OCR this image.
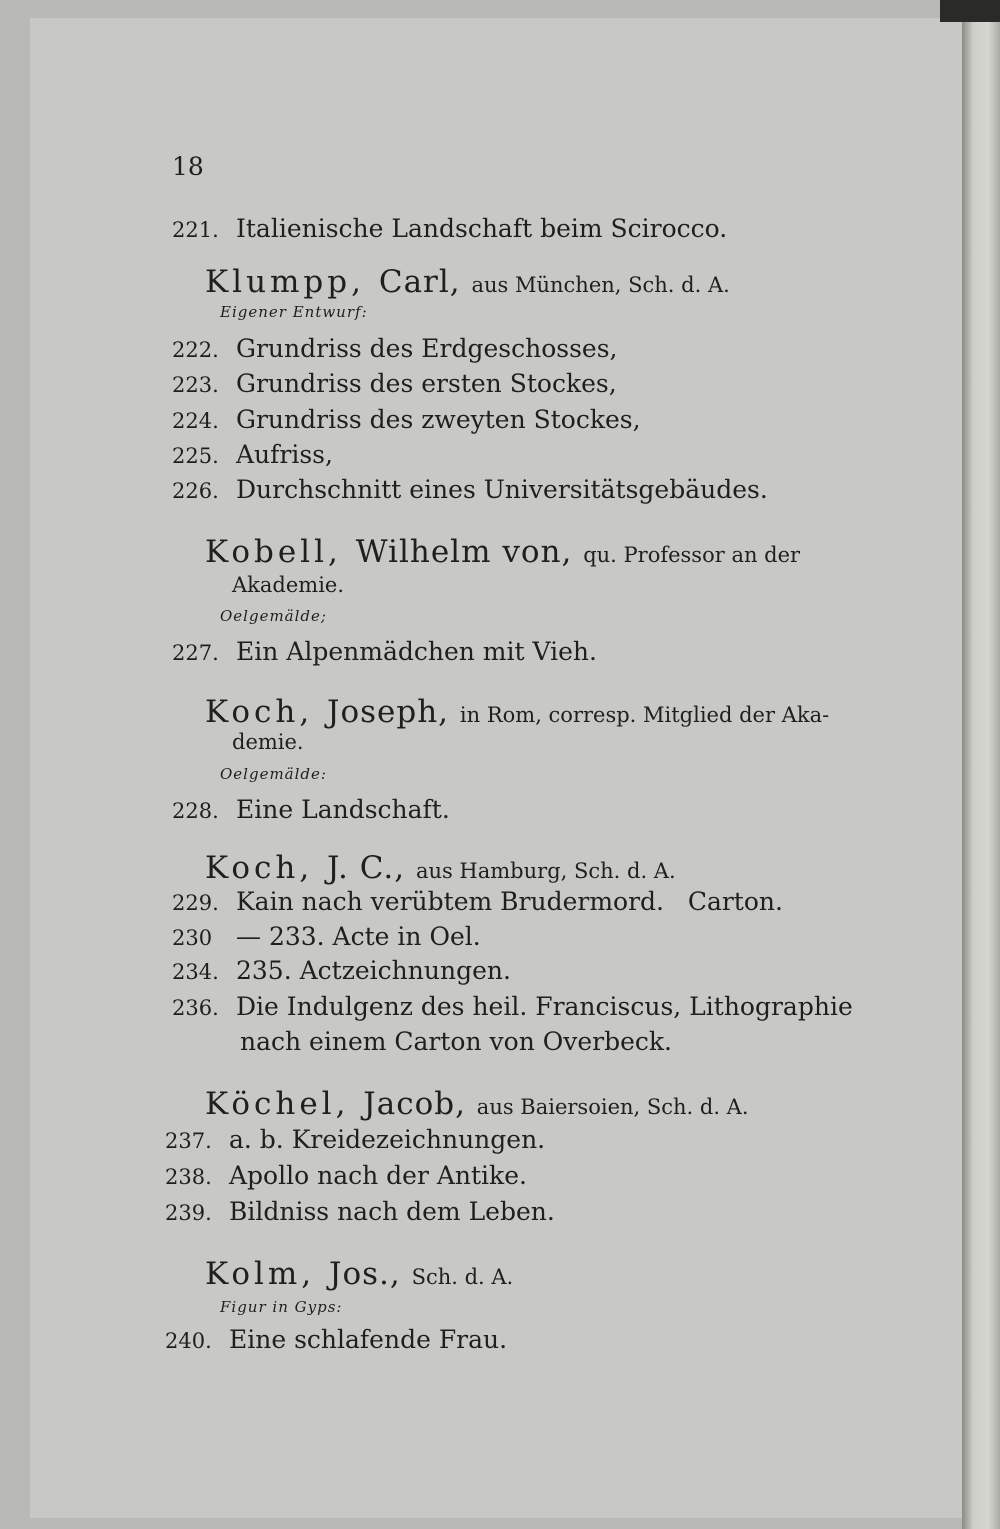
18
221. Italienische Landschaft beim Scirocco.
Klumpp, Carl, aus München, Sch. d. A.
Eigener Entwurf:
222. Grundriss des Erdgeschosses,
223. Grundriss des ersten Stockes,
224. Grundriss des zweyten Stockes,
225. Aufriss,
226. Durchschnitt eines Universitätsgebäudes.
Kobell, Wilhelm von, qu. Professor an der
Akademie.
Oelgemälde;
227. Ein Alpenmädchen mit Vieh.
Koch, Joseph, in Rom, corresp. Mitglied der Aka-
demie.
Oelgemälde:
228. Eine Landschaft.
Koch, J. C., aus Hamburg, Sch. d. A.
229. Kain nach verübtem Brudermord.   Carton.
230 — 233. Acte in Oel.
234. 235. Actzeichnungen.
236. Die Indulgenz des heil. Franciscus, Lithographie
nach einem Carton von Overbeck.
Köchel, Jacob, aus Baiersoien, Sch. d. A.
237. a. b. Kreidezeichnungen.
238. Apollo nach der Antike.
239. Bildniss nach dem Leben.
Kolm, Jos., Sch. d. A.
Figur in Gyps:
240. Eine schlafende Frau.
